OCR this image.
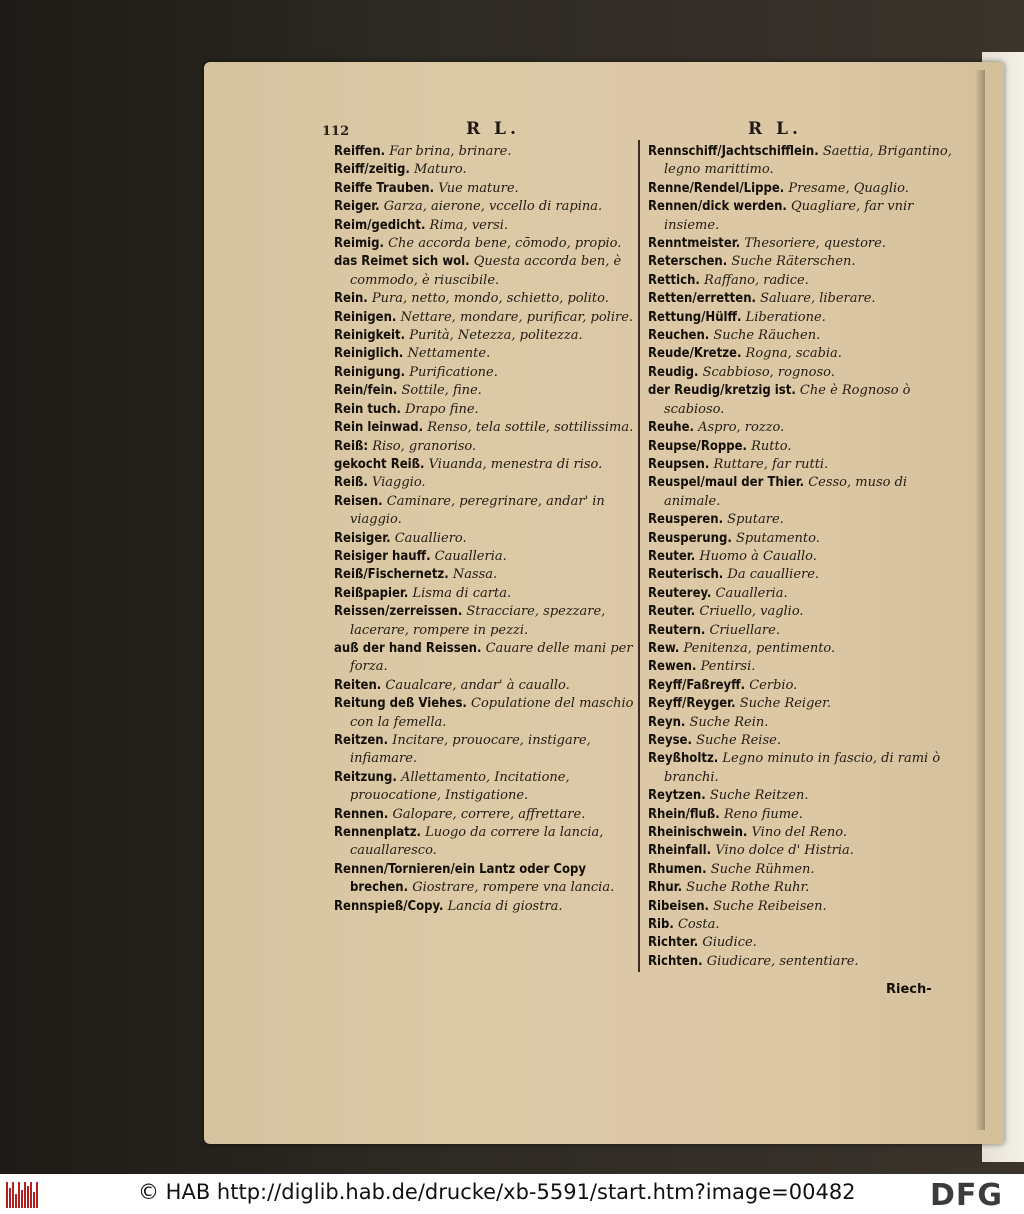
112	R L.	R L.

Reiffen. Far brina, brinare.

Reiff/zeitig. Maturo.

Reiffe Trauben. Vue mature.

Reiger. Garza, aierone, vccello di rapina.

Reim/gedicht. Rima, versi.

Reimig. Che accorda bene, cōmodo, propio.

das Reimet sich wol. Questa accorda ben, è commodo, è riuscibile.

Rein. Pura, netto, mondo, schietto, polito.

Reinigen. Nettare, mondare, purificar, polire.

Reinigkeit. Purità, Netezza, politezza.

Reiniglich. Nettamente.

Reinigung. Purificatione.

Rein/fein. Sottile, fine.

Rein tuch. Drapo fine.

Rein leinwad. Renso, tela sottile, sottilissima.

Reiß: Riso, granoriso.

gekocht Reiß. Viuanda, menestra di riso.

Reiß. Viaggio.

Reisen. Caminare, peregrinare, andar' in viaggio.

Reisiger. Caualliero.

Reisiger hauff. Caualleria.

Reiß/Fischernetz. Nassa.

Reißpapier. Lisma di carta.

Reissen/zerreissen. Stracciare, spezzare, lacerare, rompere in pezzi.

auß der hand Reissen. Cauare delle mani per forza.

Reiten. Caualcare, andar' à cauallo.

Reitung deß Viehes. Copulatione del maschio con la femella.

Reitzen. Incitare, prouocare, instigare, infiamare.

Reitzung. Allettamento, Incitatione, prouocatione, Instigatione.

Rennen. Galopare, correre, affrettare.

Rennenplatz. Luogo da correre la lancia, cauallaresco.

Rennen/Tornieren/ein Lantz oder Copy brechen. Giostrare, rompere vna lancia.

Rennspieß/Copy. Lancia di giostra.

Rennschiff/Jachtschifflein. Saettia, Brigantino, legno marittimo.

Renne/Rendel/Lippe. Presame, Quaglio.

Rennen/dick werden. Quagliare, far vnir insieme.

Renntmeister. Thesoriere, questore.

Reterschen. Suche Räterschen.

Rettich. Raffano, radice.

Retten/erretten. Saluare, liberare.

Rettung/Hülff. Liberatione.

Reuchen. Suche Räuchen.

Reude/Kretze. Rogna, scabia.

Reudig. Scabbioso, rognoso.

der Reudig/kretzig ist. Che è Rognoso ò scabioso.

Reuhe. Aspro, rozzo.

Reupse/Roppe. Rutto.

Reupsen. Ruttare, far rutti.

Reuspel/maul der Thier. Cesso, muso di animale.

Reusperen. Sputare.

Reusperung. Sputamento.

Reuter. Huomo à Cauallo.

Reuterisch. Da caualliere.

Reuterey. Caualleria.

Reuter. Criuello, vaglio.

Reutern. Criuellare.

Rew. Penitenza, pentimento.

Rewen. Pentirsi.

Reyff/Faßreyff. Cerbio.

Reyff/Reyger. Suche Reiger.

Reyn. Suche Rein.

Reyse. Suche Reise.

Reyßholtz. Legno minuto in fascio, di rami ò branchi.

Reytzen. Suche Reitzen.

Rhein/fluß. Reno fiume.

Rheinischwein. Vino del Reno.

Rheinfall. Vino dolce d' Histria.

Rhumen. Suche Rühmen.

Rhur. Suche Rothe Ruhr.

Ribeisen. Suche Reibeisen.

Rib. Costa.

Richter. Giudice.

Richten. Giudicare, sententiare.

Riech-
© HAB http://diglib.hab.de/drucke/xb-5591/start.htm?image=00482 DFG
